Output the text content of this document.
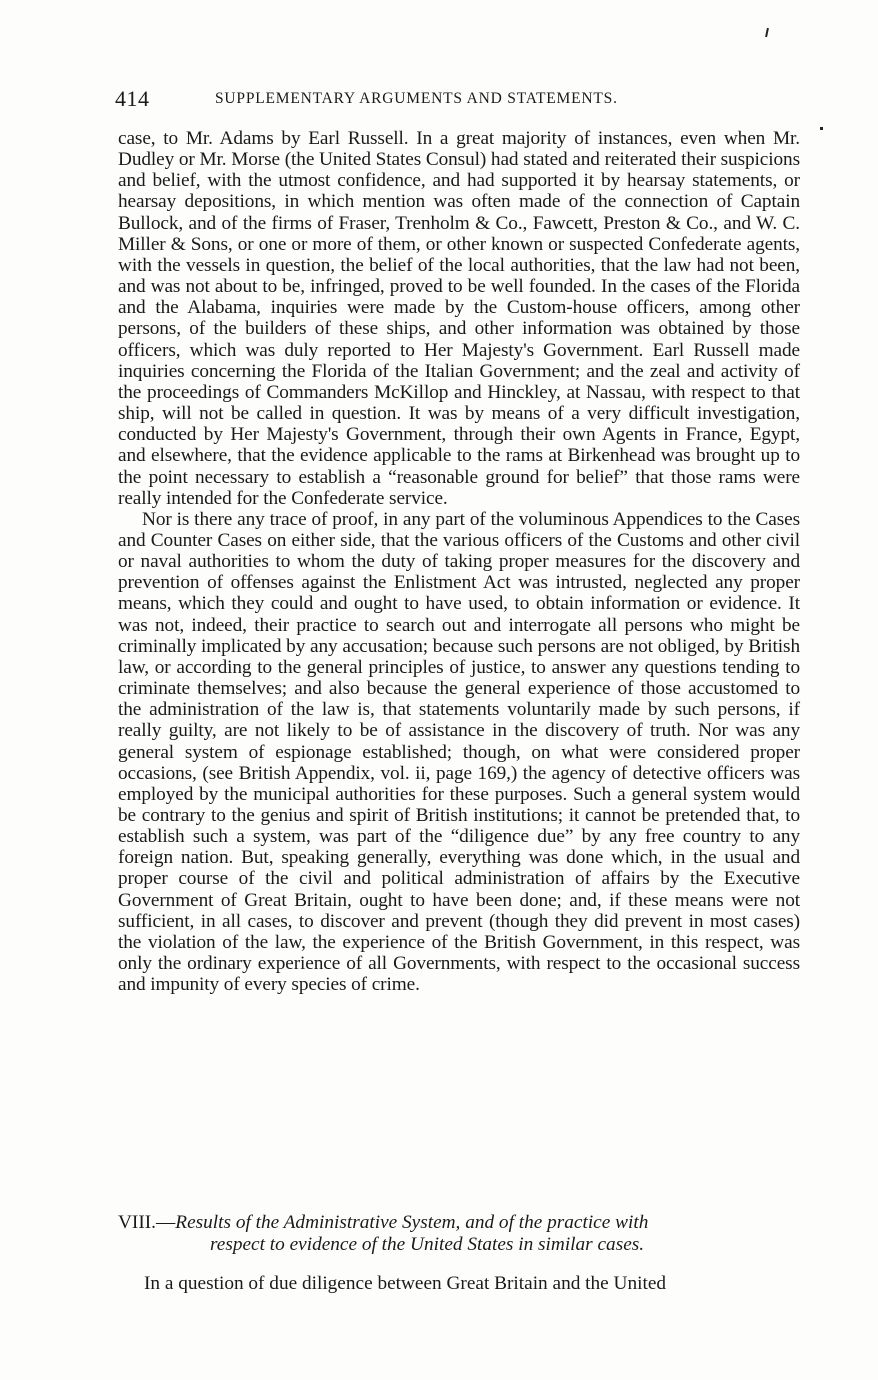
414	SUPPLEMENTARY ARGUMENTS AND STATEMENTS.

case, to Mr. Adams by Earl Russell. In a great majority of instances, even when Mr. Dudley or Mr. Morse (the United States Consul) had stated and reiterated their suspicions and belief, with the utmost confidence, and had supported it by hearsay statements, or hearsay depositions, in which mention was often made of the connection of Captain Bullock, and of the firms of Fraser, Trenholm & Co., Fawcett, Preston & Co., and W. C. Miller & Sons, or one or more of them, or other known or suspected Confederate agents, with the vessels in question, the belief of the local authorities, that the law had not been, and was not about to be, infringed, proved to be well founded. In the cases of the Florida and the Alabama, inquiries were made by the Custom-house officers, among other persons, of the builders of these ships, and other information was obtained by those officers, which was duly reported to Her Majesty's Government. Earl Russell made inquiries concerning the Florida of the Italian Government; and the zeal and activity of the proceedings of Commanders McKillop and Hinckley, at Nassau, with respect to that ship, will not be called in question. It was by means of a very difficult investigation, conducted by Her Majesty's Government, through their own Agents in France, Egypt, and elsewhere, that the evidence applicable to the rams at Birkenhead was brought up to the point necessary to establish a “reasonable ground for belief” that those rams were really intended for the Confederate service.

Nor is there any trace of proof, in any part of the voluminous Appendices to the Cases and Counter Cases on either side, that the various officers of the Customs and other civil or naval authorities to whom the duty of taking proper measures for the discovery and prevention of offenses against the Enlistment Act was intrusted, neglected any proper means, which they could and ought to have used, to obtain information or evidence. It was not, indeed, their practice to search out and interrogate all persons who might be criminally implicated by any accusation; because such persons are not obliged, by British law, or according to the general principles of justice, to answer any questions tending to criminate themselves; and also because the general experience of those accustomed to the administration of the law is, that statements voluntarily made by such persons, if really guilty, are not likely to be of assistance in the discovery of truth. Nor was any general system of espionage established; though, on what were considered proper occasions, (see British Appendix, vol. ii, page 169,) the agency of detective officers was employed by the municipal authorities for these purposes. Such a general system would be contrary to the genius and spirit of British institutions; it cannot be pretended that, to establish such a system, was part of the “diligence due” by any free country to any foreign nation. But, speaking generally, everything was done which, in the usual and proper course of the civil and political administration of affairs by the Executive Government of Great Britain, ought to have been done; and, if these means were not sufficient, in all cases, to discover and prevent (though they did prevent in most cases) the violation of the law, the experience of the British Government, in this respect, was only the ordinary experience of all Governments, with respect to the occasional success and impunity of every species of crime.

VIII.—Results of the Administrative System, and of the practice with
respect to evidence of the United States in similar cases.
In a question of due diligence between Great Britain and the United
